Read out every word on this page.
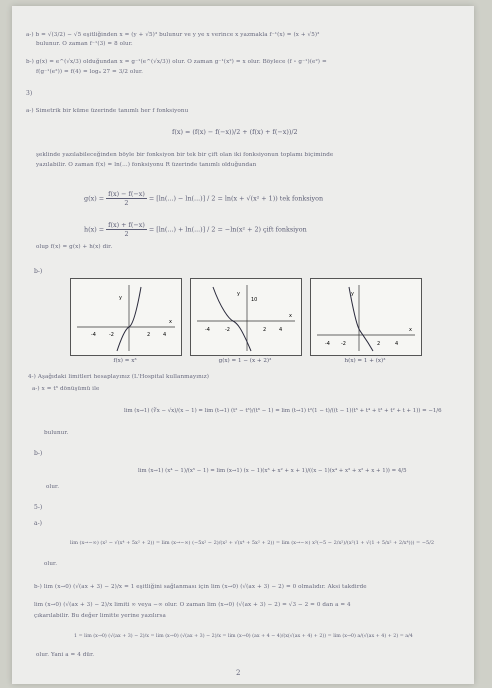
a-) b = √(3/2) − √5 eşitliğinden x = (y + √5)³ bulunur ve y ye x verince x yazmakla f⁻¹(x) = (x + √5)³
bulunur. O zaman f⁻¹(3) = 8 olur.
b-) g(x) = e^(√x/3) olduğundan x = g⁻¹(e^(√x/3)) olur. O zaman g⁻¹(x²) = x olur. Böylece (f ∘ g⁻¹)(e²) =
f(g⁻¹(e²)) = f(4) = log₄ 27 = 3/2 olur.
3)
a-) Simetrik bir küme üzerinde tanımlı her f fonksiyonu
f(x) = (f(x) − f(−x))/2 + (f(x) + f(−x))/2
şeklinde yazılabileceğinden böyle bir fonksiyon bir tek bir çift olan iki fonksiyonun toplamı biçiminde
yazılabilir. O zaman f(x) = ln(...) fonksiyonu R üzerinde tanımlı olduğundan
$g(x) = \frac{f(x) - f(-x)}{2} = [\ln(...) - \ln(...)] / 2 = \ln(x + √(x^2 + 1))$ tek fonksiyon
$h(x) = \frac{f(x) + f(-x)}{2} = [\ln(...) + \ln(...)] / 2 = -\ln(x^2 + 2)$ çift fonksiyon
olup f(x) = g(x) + h(x) dir.
b-)
-4	-2	2	4
x
y
-4	-2	2	4
x
y
10
-4 -2	2	4
x
y
f(x) = x³	g(x) = 1 − (x + 2)³	h(x) = 1 + (x)³
4-) Aşağıdaki limitleri hesaplayınız (L'Hospital kullanmayınız)
a-) x = t⁶ dönüşümü ile
lim (x→1) (∛x − √x)/(x − 1) = lim (t→1) (t² − t³)/(t⁶ − 1) = lim (t→1) t²(1 − t)/((t − 1)(t⁵ + t⁴ + t³ + t² + t + 1)) = −1/6
bulunur.
b-)
lim (x→1) (x⁴ − 1)/(x⁵ − 1) = lim (x→1) (x − 1)(x³ + x² + x + 1)/((x − 1)(x⁴ + x³ + x² + x + 1)) = 4/5
olur.
5-)
a-)
lim (x→−∞) (x² − √(x⁴ + 5x² + 2)) = lim (x→−∞) (−5x² − 2)/(x² + √(x⁴ + 5x² + 2)) = lim (x→−∞) x²(−5 − 2/x²)/(x²(1 + √(1 + 5/x² + 2/x⁴))) = −5/2
olur.
b-) lim (x→0) (√(ax + 3) − 2)/x = 1 eşitliğini sağlanması için lim (x→0) (√(ax + 3) − 2) = 0 olmalıdır. Aksi takdirde
lim (x→0) (√(ax + 3) − 2)/x limiti ∞ veya −∞ olur. O zaman lim (x→0) (√(ax + 3) − 2) = √3 − 2 = 0 dan a = 4
çıkarılabilir. Bu değer limitte yerine yazılırsa
1 = lim (x→0) (√(ax + 3) − 2)/x = lim (x→0) (√(ax + 3) − 2)/x = lim (x→0) (ax + 4 − 4)/(x(√(ax + 4) + 2)) = lim (x→0) a/(√(ax + 4) + 2) = a/4
olur. Yani a = 4 dür.
2
